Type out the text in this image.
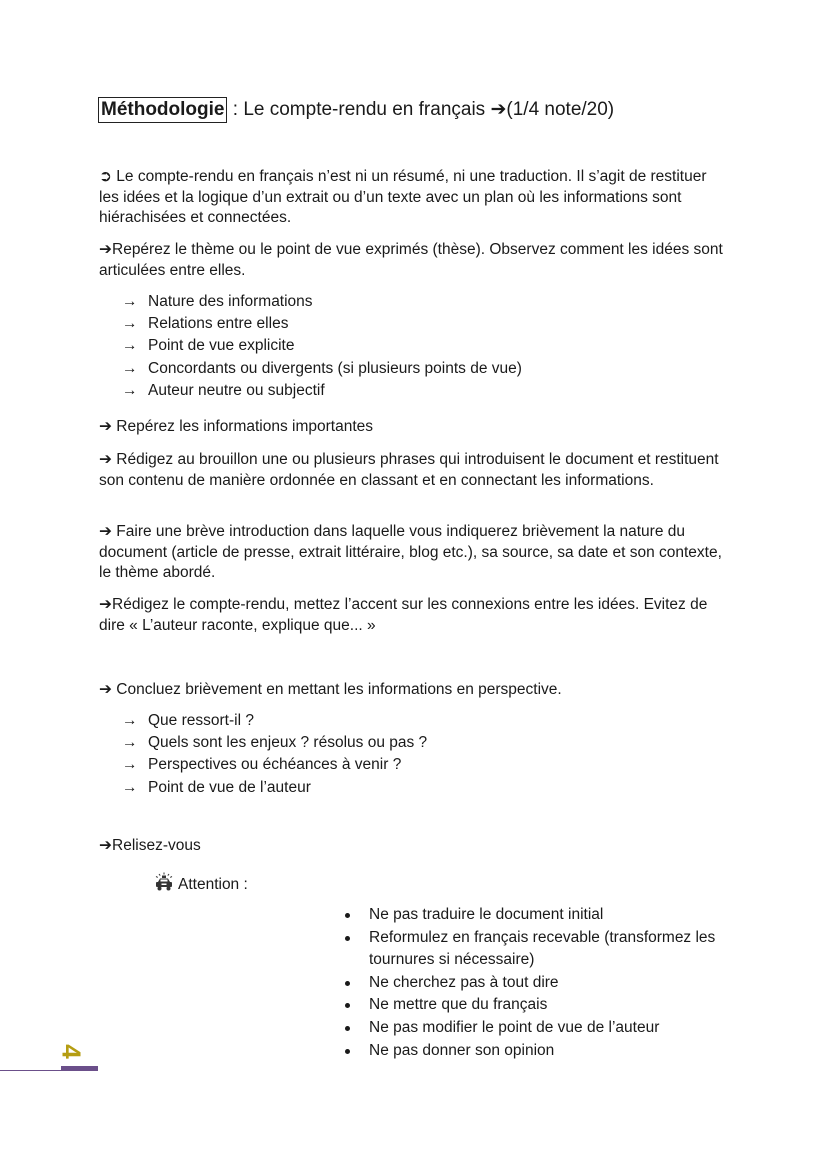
Méthodologie : Le compte-rendu en français ➔(1/4 note/20)

➲ Le compte-rendu en français n’est ni un résumé, ni une traduction. Il s’agit de restituer les idées et la logique d’un extrait ou d’un texte avec un plan où les informations sont hiérachisées et connectées.

➔Repérez le thème ou le point de vue exprimés (thèse). Observez comment les idées sont articulées entre elles.

→ Nature des informations
→ Relations entre elles
→ Point de vue explicite
→ Concordants ou divergents (si plusieurs points de vue)
→ Auteur neutre ou subjectif

➔ Repérez les informations importantes

➔ Rédigez au brouillon une ou plusieurs phrases qui introduisent le document et restituent son contenu de manière ordonnée en classant et en connectant les informations.

➔ Faire une brève introduction dans laquelle vous indiquerez brièvement la nature du document (article de presse, extrait littéraire, blog etc.), sa source, sa date et son contexte, le thème abordé.

➔Rédigez le compte-rendu, mettez l’accent sur les connexions entre les idées. Evitez de dire « L’auteur raconte, explique que... »

➔ Concluez brièvement en mettant les informations en perspective.

→ Que ressort-il ?
→ Quels sont les enjeux ? résolus ou pas ?
→ Perspectives ou échéances à venir ?
→ Point de vue de l’auteur

➔Relisez-vous

Attention :
Ne pas traduire le document initial
Reformulez en français recevable (transformez les tournures si nécessaire)
Ne cherchez pas à tout dire
Ne mettre que du français
Ne pas modifier le point de vue de l’auteur
Ne pas donner son opinion
4
